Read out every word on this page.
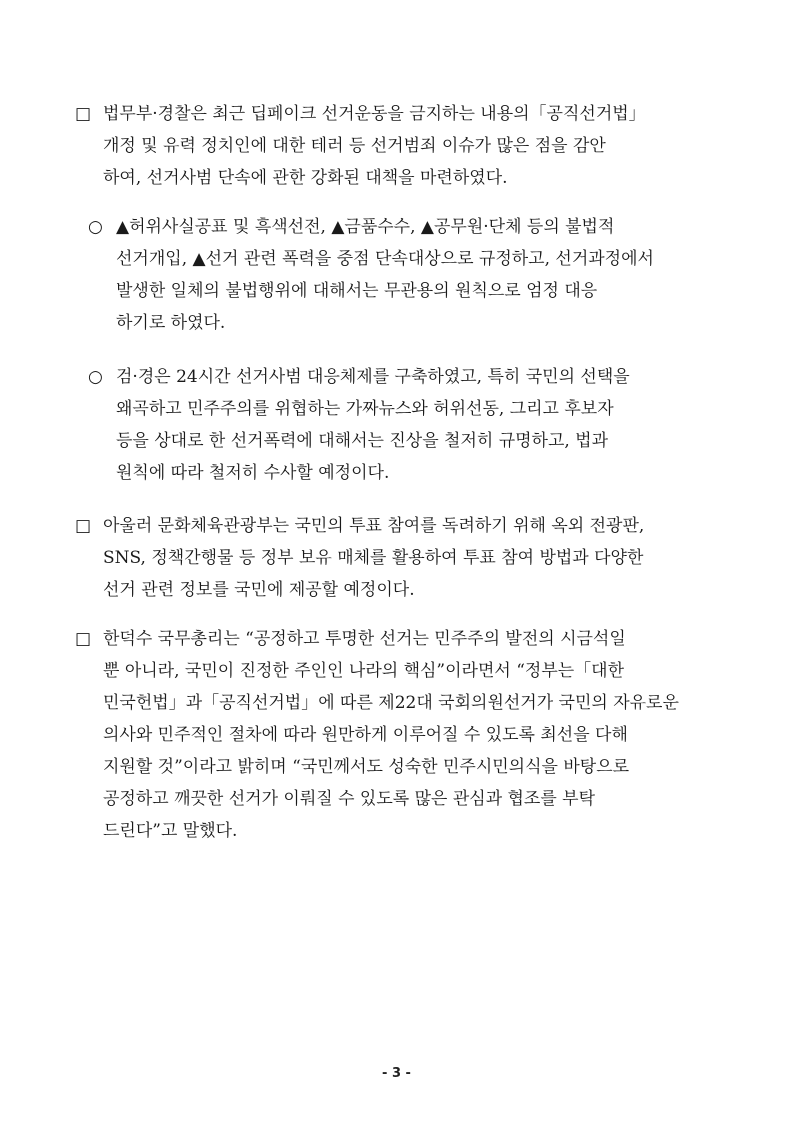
□ 법무부·경찰은 최근 딥페이크 선거운동을 금지하는 내용의「공직선거법」
개정 및 유력 정치인에 대한 테러 등 선거범죄 이슈가 많은 점을 감안
하여, 선거사범 단속에 관한 강화된 대책을 마련하였다.
○ ▲허위사실공표 및 흑색선전, ▲금품수수, ▲공무원·단체 등의 불법적
선거개입, ▲선거 관련 폭력을 중점 단속대상으로 규정하고, 선거과정에서
발생한 일체의 불법행위에 대해서는 무관용의 원칙으로 엄정 대응
하기로 하였다.
○ 검·경은 24시간 선거사범 대응체제를 구축하였고, 특히 국민의 선택을
왜곡하고 민주주의를 위협하는 가짜뉴스와 허위선동, 그리고 후보자
등을 상대로 한 선거폭력에 대해서는 진상을 철저히 규명하고, 법과
원칙에 따라 철저히 수사할 예정이다.
□ 아울러 문화체육관광부는 국민의 투표 참여를 독려하기 위해 옥외 전광판,
SNS, 정책간행물 등 정부 보유 매체를 활용하여 투표 참여 방법과 다양한
선거 관련 정보를 국민에 제공할 예정이다.
□ 한덕수 국무총리는 “공정하고 투명한 선거는 민주주의 발전의 시금석일
뿐 아니라, 국민이 진정한 주인인 나라의 핵심”이라면서 “정부는「대한
민국헌법」과「공직선거법」에 따른 제22대 국회의원선거가 국민의 자유로운
의사와 민주적인 절차에 따라 원만하게 이루어질 수 있도록 최선을 다해
지원할 것”이라고 밝히며 “국민께서도 성숙한 민주시민의식을 바탕으로
공정하고 깨끗한 선거가 이뤄질 수 있도록 많은 관심과 협조를 부탁
드린다”고 말했다.
- 3 -
